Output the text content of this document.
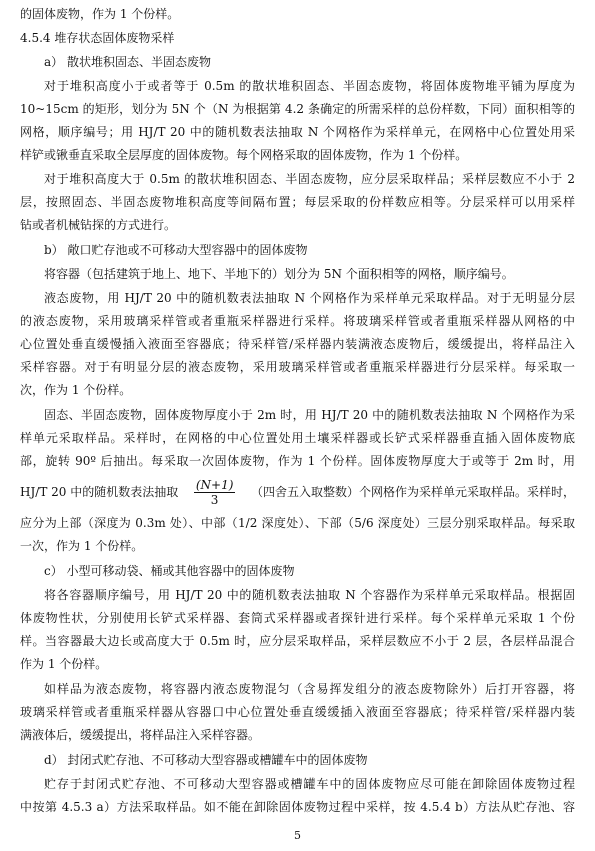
的固体废物，作为 1 个份样。
4.5.4 堆存状态固体废物采样
a） 散状堆积固态、半固态废物
对于堆积高度小于或者等于 0.5m 的散状堆积固态、半固态废物，将固体废物堆平铺为厚度为
10~15cm 的矩形，划分为 5N 个（N 为根据第 4.2 条确定的所需采样的总份样数，下同）面积相等的
网格，顺序编号；用 HJ/T 20 中的随机数表法抽取 N 个网格作为采样单元，在网格中心位置处用采
样铲或锹垂直采取全层厚度的固体废物。每个网格采取的固体废物，作为 1 个份样。
对于堆积高度大于 0.5m 的散状堆积固态、半固态废物，应分层采取样品；采样层数应不小于 2
层，按照固态、半固态废物堆积高度等间隔布置；每层采取的份样数应相等。分层采样可以用采样
钻或者机械钻探的方式进行。
b） 敞口贮存池或不可移动大型容器中的固体废物
将容器（包括建筑于地上、地下、半地下的）划分为 5N 个面积相等的网格，顺序编号。
液态废物，用 HJ/T 20 中的随机数表法抽取 N 个网格作为采样单元采取样品。对于无明显分层
的液态废物，采用玻璃采样管或者重瓶采样器进行采样。将玻璃采样管或者重瓶采样器从网格的中
心位置处垂直缓慢插入液面至容器底；待采样管/采样器内装满液态废物后，缓缓提出，将样品注入
采样容器。对于有明显分层的液态废物，采用玻璃采样管或者重瓶采样器进行分层采样。每采取一
次，作为 1 个份样。
固态、半固态废物，固体废物厚度小于 2m 时，用 HJ/T 20 中的随机数表法抽取 N 个网格作为采
样单元采取样品。采样时，在网格的中心位置处用土壤采样器或长铲式采样器垂直插入固体废物底
部，旋转 90º 后抽出。每采取一次固体废物，作为 1 个份样。固体废物厚度大于或等于 2m 时，用
HJ/T 20 中的随机数表法抽取 $\frac{(N+1)}{3}$ （四舍五入取整数）个网格作为采样单元采取样品。采样时，
应分为上部（深度为 0.3m 处）、中部（1/2 深度处）、下部（5/6 深度处）三层分别采取样品。每采取
一次，作为 1 个份样。
c） 小型可移动袋、桶或其他容器中的固体废物
将各容器顺序编号，用 HJ/T 20 中的随机数表法抽取 N 个容器作为采样单元采取样品。根据固
体废物性状，分别使用长铲式采样器、套筒式采样器或者探针进行采样。每个采样单元采取 1 个份
样。当容器最大边长或高度大于 0.5m 时，应分层采取样品，采样层数应不小于 2 层，各层样品混合
作为 1 个份样。
如样品为液态废物，将容器内液态废物混匀（含易挥发组分的液态废物除外）后打开容器，将
玻璃采样管或者重瓶采样器从容器口中心位置处垂直缓缓插入液面至容器底；待采样管/采样器内装
满液体后，缓缓提出，将样品注入采样容器。
d） 封闭式贮存池、不可移动大型容器或槽罐车中的固体废物
贮存于封闭式贮存池、不可移动大型容器或槽罐车中的固体废物应尽可能在卸除固体废物过程
中按第 4.5.3 a）方法采取样品。如不能在卸除固体废物过程中采样，按 4.5.4 b）方法从贮存池、容
5
